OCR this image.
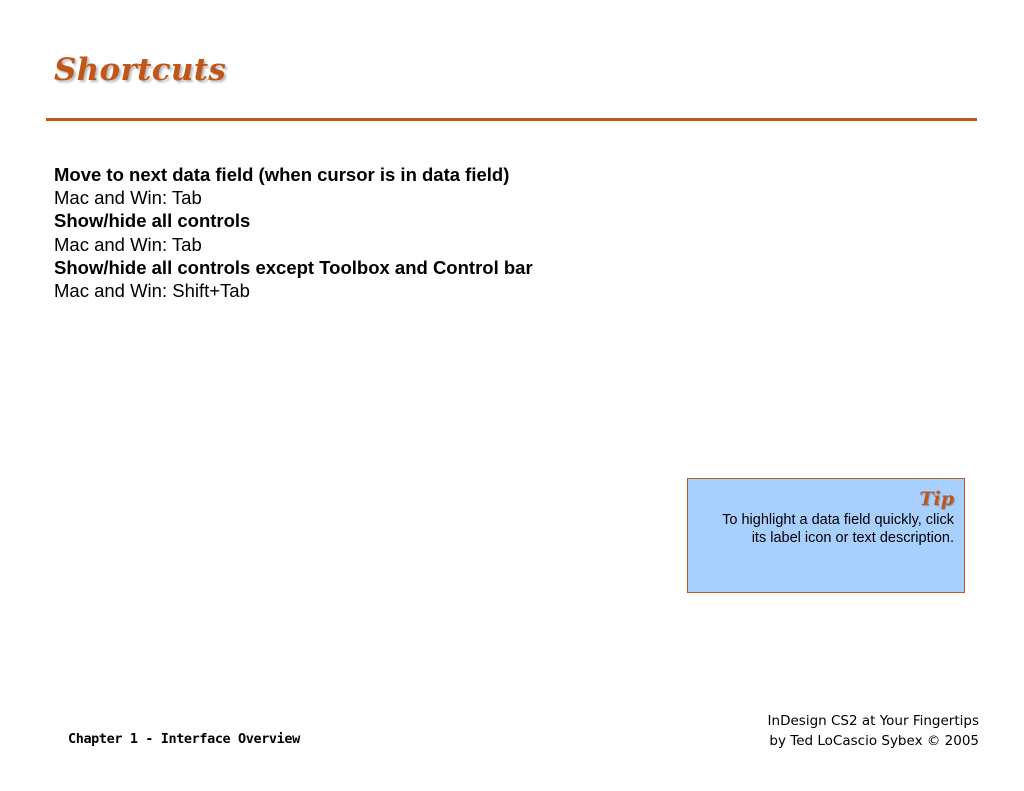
Shortcuts
Move to next data field (when cursor is in data field)
Mac and Win: Tab
Show/hide all controls
Mac and Win: Tab
Show/hide all controls except Toolbox and Control bar
Mac and Win: Shift+Tab
Tip
To highlight a data field quickly, click
its label icon or text description.
Chapter 1 - Interface Overview
InDesign CS2 at Your Fingertips
by Ted LoCascio Sybex © 2005
